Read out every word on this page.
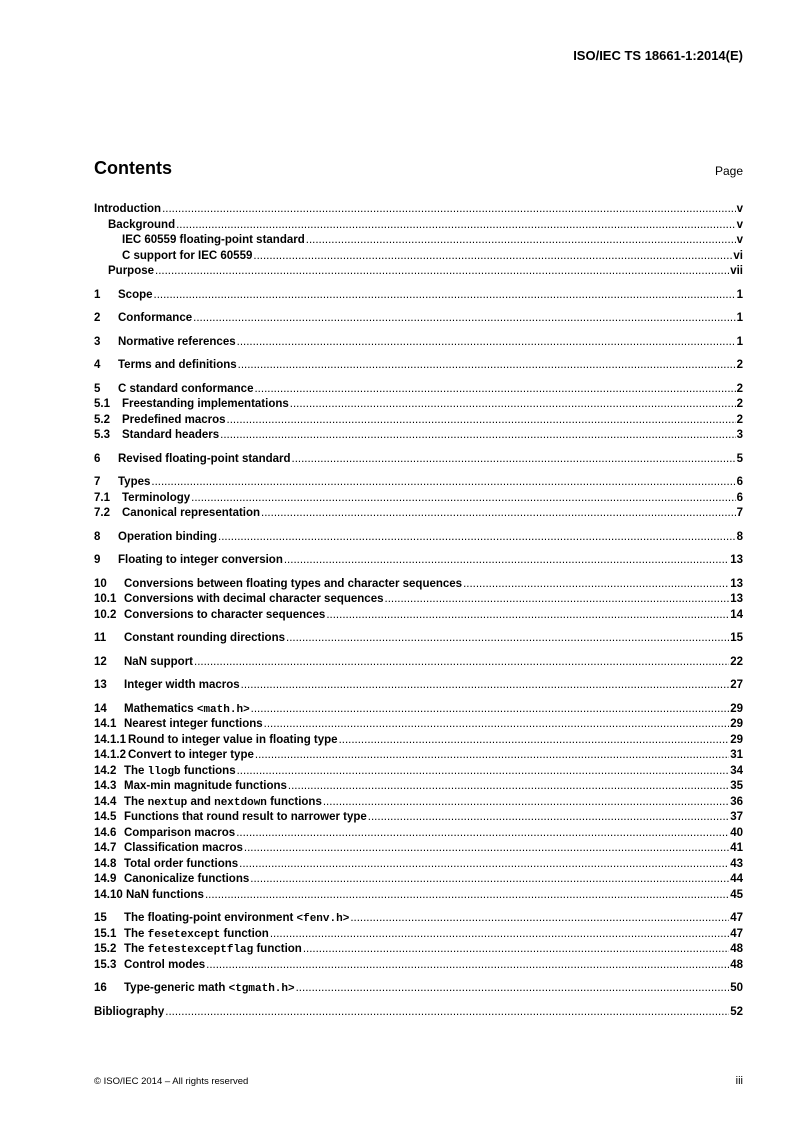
ISO/IEC TS 18661-1:2014(E)
Contents	Page
Introduction .....	v
Background .....	v
IEC 60559 floating-point standard .....	v
C support for IEC 60559 .....	vi
Purpose .....	vii
1	Scope .....	1
2	Conformance .....	1
3	Normative references .....	1
4	Terms and definitions .....	2
5	C standard conformance .....	2
5.1	Freestanding implementations .....	2
5.2	Predefined macros .....	2
5.3	Standard headers .....	3
6	Revised floating-point standard .....	5
7	Types .....	6
7.1	Terminology .....	6
7.2	Canonical representation .....	7
8	Operation binding .....	8
9	Floating to integer conversion .....	13
10	Conversions between floating types and character sequences .....	13
10.1 Conversions with decimal character sequences .....	13
10.2 Conversions to character sequences .....	14
11	Constant rounding directions .....	15
12	NaN support .....	22
13	Integer width macros .....	27
14	Mathematics <math.h> .....	29
14.1 Nearest integer functions .....	29
14.1.1 Round to integer value in floating type .....	29
14.1.2 Convert to integer type .....	31
14.2 The llogb functions .....	34
14.3 Max-min magnitude functions .....	35
14.4 The nextup and nextdown functions .....	36
14.5 Functions that round result to narrower type .....	37
14.6 Comparison macros .....	40
14.7 Classification macros .....	41
14.8 Total order functions .....	43
14.9 Canonicalize functions .....	44
14.10 NaN functions .....	45
15	The floating-point environment <fenv.h> .....	47
15.1 The fesetexcept function .....	47
15.2 The fetestexceptflag function .....	48
15.3 Control modes .....	48
16	Type-generic math <tgmath.h> .....	50
Bibliography .....	52
© ISO/IEC 2014 – All rights reserved	iii
